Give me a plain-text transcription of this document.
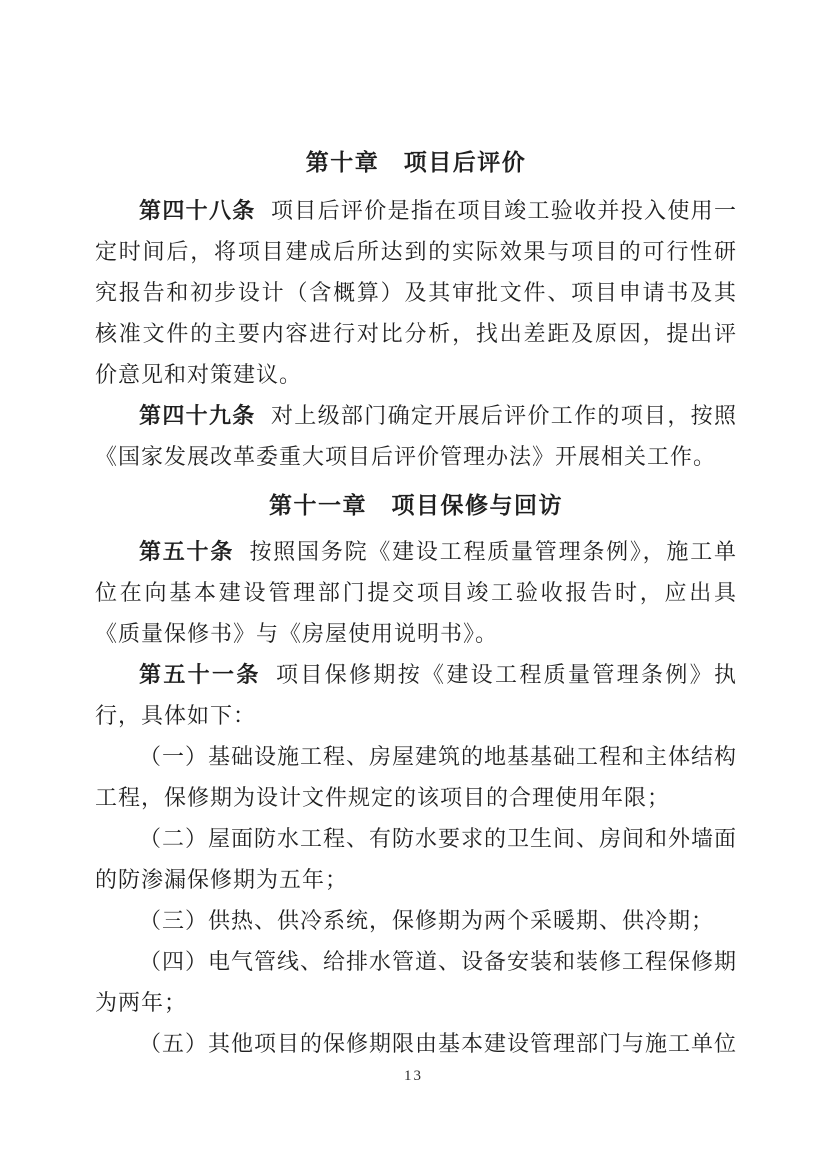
第十章　项目后评价

第四十八条 项目后评价是指在项目竣工验收并投入使用一定时间后，将项目建成后所达到的实际效果与项目的可行性研究报告和初步设计（含概算）及其审批文件、项目申请书及其核准文件的主要内容进行对比分析，找出差距及原因，提出评价意见和对策建议。

第四十九条 对上级部门确定开展后评价工作的项目，按照《国家发展改革委重大项目后评价管理办法》开展相关工作。

第十一章　项目保修与回访

第五十条 按照国务院《建设工程质量管理条例》，施工单位在向基本建设管理部门提交项目竣工验收报告时，应出具《质量保修书》与《房屋使用说明书》。

第五十一条 项目保修期按《建设工程质量管理条例》执行，具体如下：

（一）基础设施工程、房屋建筑的地基基础工程和主体结构工程，保修期为设计文件规定的该项目的合理使用年限；

（二）屋面防水工程、有防水要求的卫生间、房间和外墙面的防渗漏保修期为五年；

（三）供热、供冷系统，保修期为两个采暖期、供冷期；

（四）电气管线、给排水管道、设备安装和装修工程保修期为两年；

（五）其他项目的保修期限由基本建设管理部门与施工单位

13
